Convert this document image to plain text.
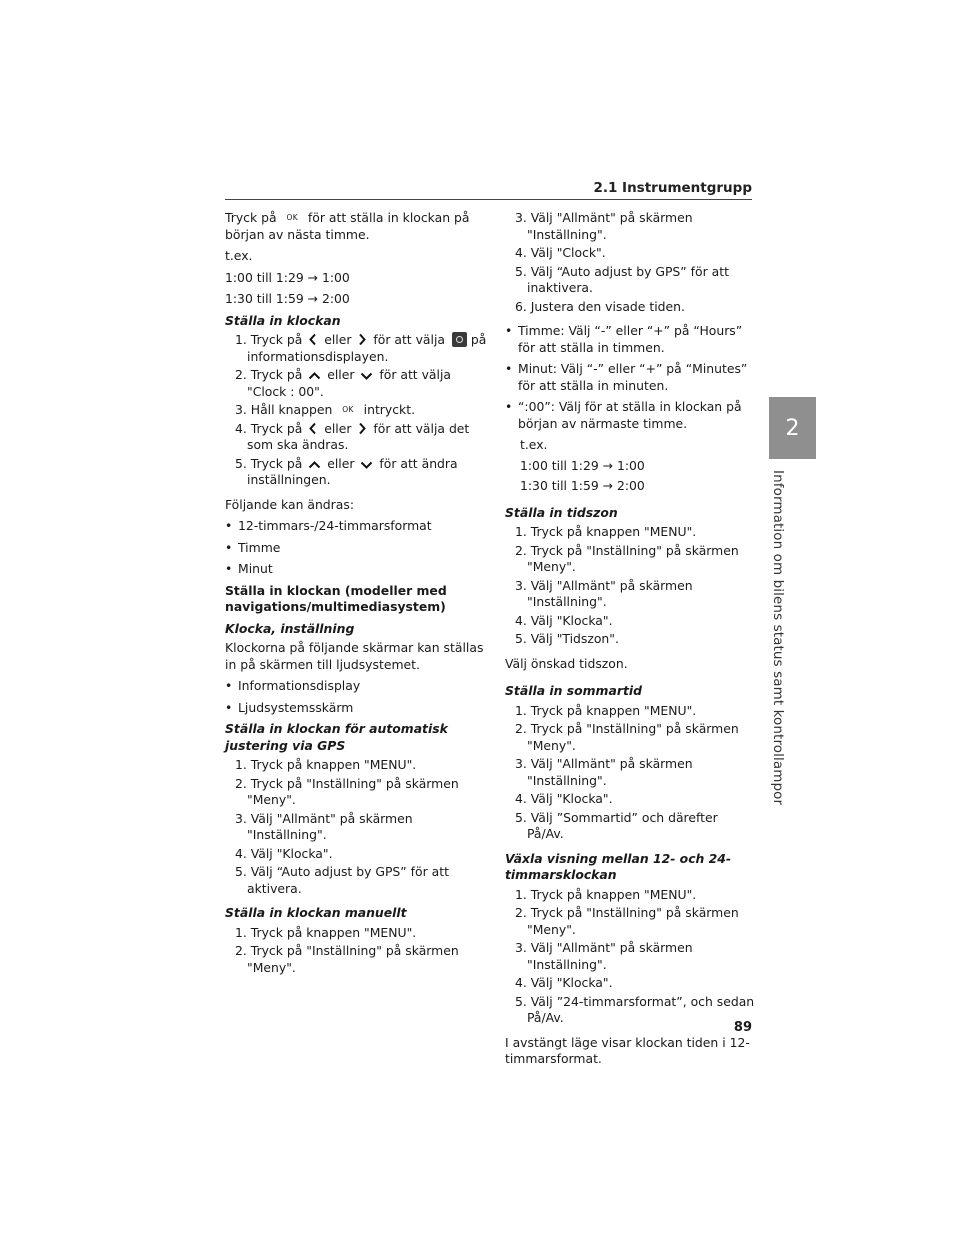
2.1 Instrumentgrupp
2
Information om bilens status samt kontrollampor

Tryck på OK för att ställa in klockan på början av nästa timme.

t.ex.

1:00 till 1:29 → 1:00

1:30 till 1:59 → 2:00

Ställa in klockan

1. Tryck på eller för att välja på informationsdisplayen.

2. Tryck på eller för att välja "Clock : 00".

3. Håll knappen OK intryckt.

4. Tryck på eller för att välja det som ska ändras.

5. Tryck på eller för att ändra inställningen.

Följande kan ändras:

• 12-timmars-/24-timmarsformat

• Timme

• Minut

Ställa in klockan (modeller med navigations/multimediasystem)

Klocka, inställning

Klockorna på följande skärmar kan ställas in på skärmen till ljudsystemet.

• Informationsdisplay

• Ljudsystemsskärm

Ställa in klockan för automatisk justering via GPS

1. Tryck på knappen "MENU".

2. Tryck på "Inställning" på skärmen "Meny".

3. Välj "Allmänt" på skärmen "Inställning".

4. Välj "Klocka".

5. Välj “Auto adjust by GPS” för att aktivera.

Ställa in klockan manuellt

1. Tryck på knappen "MENU".

2. Tryck på "Inställning" på skärmen "Meny".

3. Välj "Allmänt" på skärmen "Inställning".

4. Välj "Clock".

5. Välj “Auto adjust by GPS” för att inaktivera.

6. Justera den visade tiden.

• Timme: Välj “-” eller “+” på “Hours” för att ställa in timmen.

• Minut: Välj “-” eller “+” på “Minutes” för att ställa in minuten.

• “:00”: Välj för at ställa in klockan på början av närmaste timme.

t.ex.

1:00 till 1:29 → 1:00

1:30 till 1:59 → 2:00

Ställa in tidszon

1. Tryck på knappen "MENU".

2. Tryck på "Inställning" på skärmen "Meny".

3. Välj "Allmänt" på skärmen "Inställning".

4. Välj "Klocka".

5. Välj "Tidszon".

Välj önskad tidszon.

Ställa in sommartid

1. Tryck på knappen "MENU".

2. Tryck på "Inställning" på skärmen "Meny".

3. Välj "Allmänt" på skärmen "Inställning".

4. Välj "Klocka".

5. Välj ”Sommartid” och därefter På/Av.

Växla visning mellan 12- och 24-timmarsklockan

1. Tryck på knappen "MENU".

2. Tryck på "Inställning" på skärmen "Meny".

3. Välj "Allmänt" på skärmen "Inställning".

4. Välj "Klocka".

5. Välj ”24-timmarsformat”, och sedan På/Av.

I avstängt läge visar klockan tiden i 12-timmarsformat.

89
